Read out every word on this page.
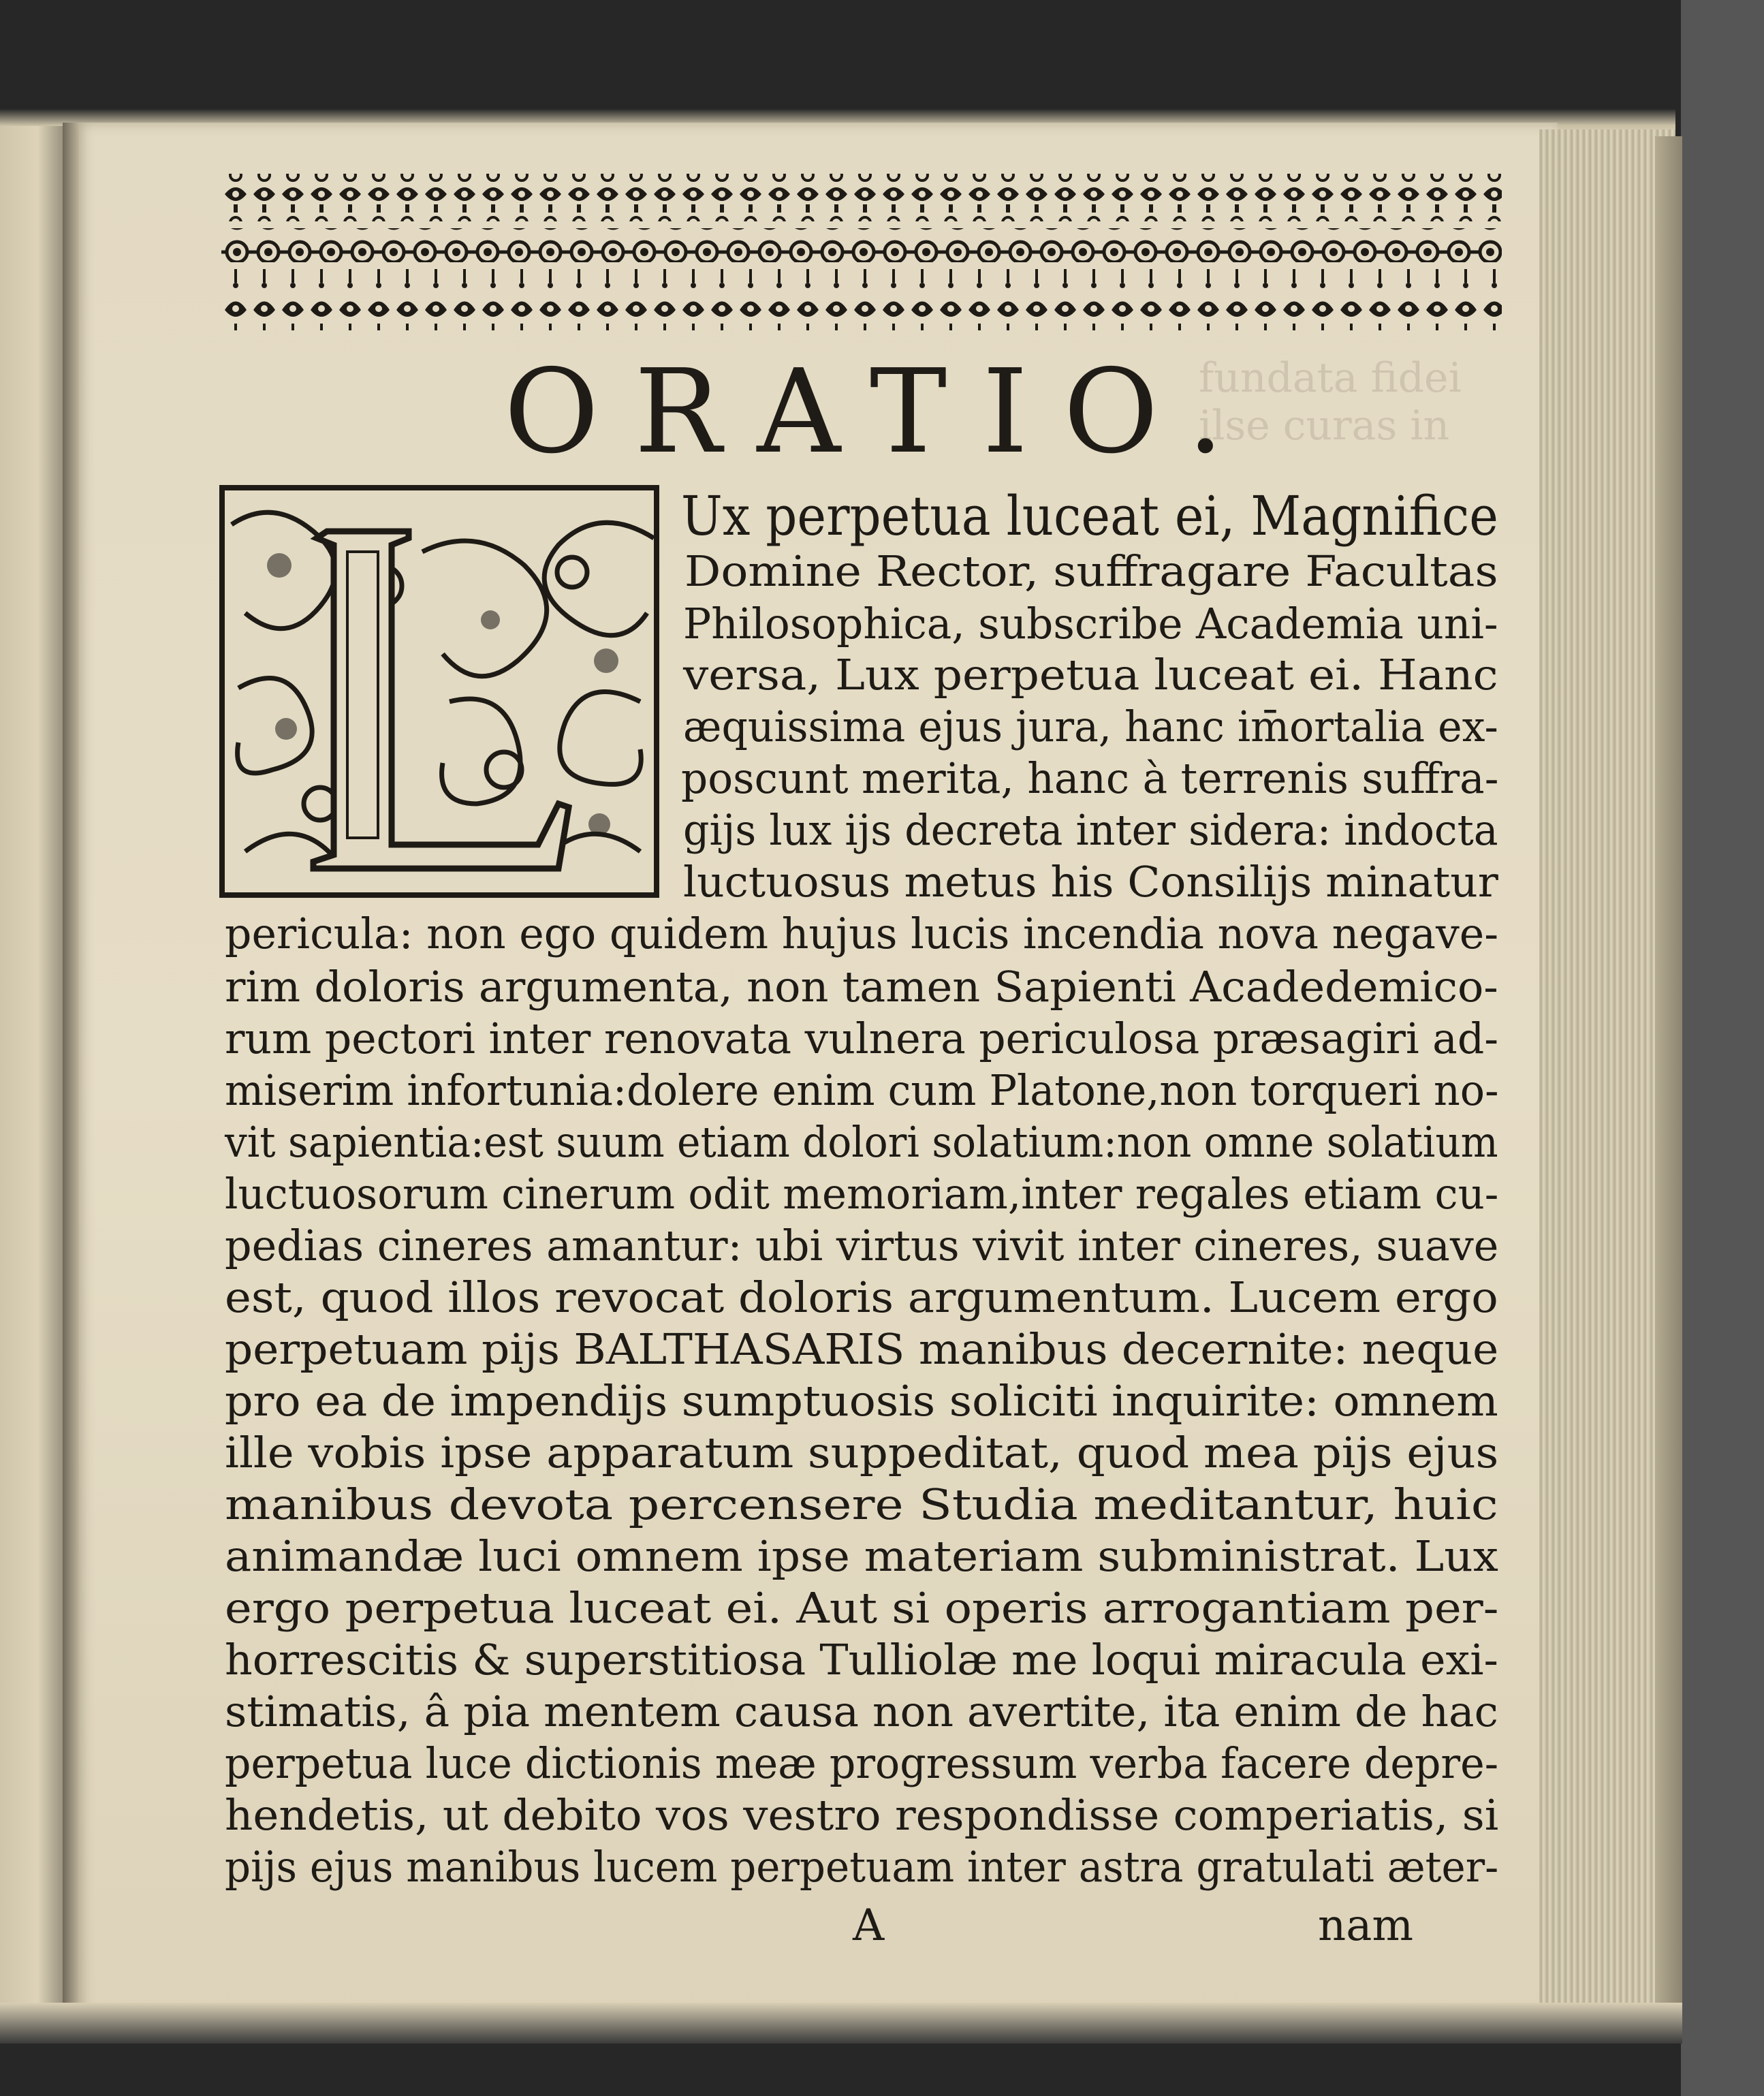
fundata fidei
ilse curas in
ORATIO.
Ux perpetua luceat ei, Magnifice
Domine Rector, suffragare Facultas
Philosophica, subscribe Academia uni-
versa, Lux perpetua luceat ei. Hanc
æquissima ejus jura, hanc im̄ortalia ex-
poscunt merita, hanc à terrenis suffra-
gijs lux ijs decreta inter sidera: indocta
luctuosus metus his Consilijs minatur
pericula: non ego quidem hujus lucis incendia nova negave-
rim doloris argumenta, non tamen Sapienti Acadedemico-
rum pectori inter renovata vulnera periculosa præsagiri ad-
miserim infortunia:dolere enim cum Platone,non torqueri no-
vit sapientia:est suum etiam dolori solatium:non omne solatium
luctuosorum cinerum odit memoriam,inter regales etiam cu-
pedias cineres amantur: ubi virtus vivit inter cineres, suave
est, quod illos revocat doloris argumentum. Lucem ergo
perpetuam pijs BALTHASARIS manibus decernite: neque
pro ea de impendijs sumptuosis soliciti inquirite: omnem
ille vobis ipse apparatum suppeditat, quod mea pijs ejus
manibus devota percensere Studia meditantur, huic
animandæ luci omnem ipse materiam subministrat. Lux
ergo perpetua luceat ei. Aut si operis arrogantiam per-
horrescitis & superstitiosa Tulliolæ me loqui miracula exi-
stimatis, â pia mentem causa non avertite, ita enim de hac
perpetua luce dictionis meæ progressum verba facere depre-
hendetis, ut debito vos vestro respondisse comperiatis, si
pijs ejus manibus lucem perpetuam inter astra gratulati æter-
A	nam
